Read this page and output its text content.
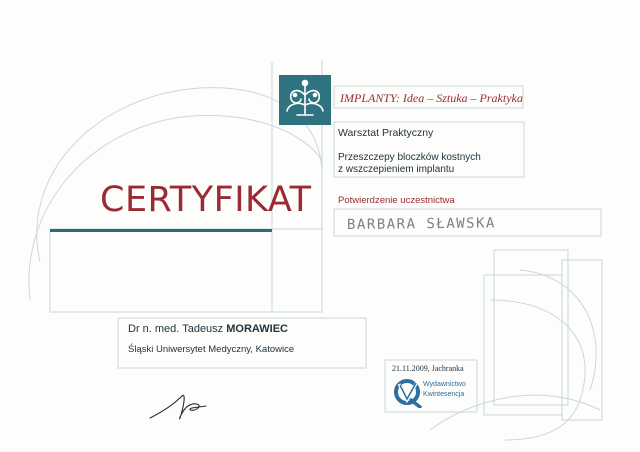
IMPLANTY: Idea – Sztuka – Praktyka
Warsztat Praktyczny
Przeszczepy bloczków kostnych
z wszczepieniem implantu
CERTYFIKAT	Potwierdzenie uczestnictwa
BARBARA SŁAWSKA
Dr n. med. Tadeusz MORAWIEC
Śląski Uniwersytet Medyczny, Katowice
21.11.2009, Jachranka
Wydawnictwo
Kwintesencja
